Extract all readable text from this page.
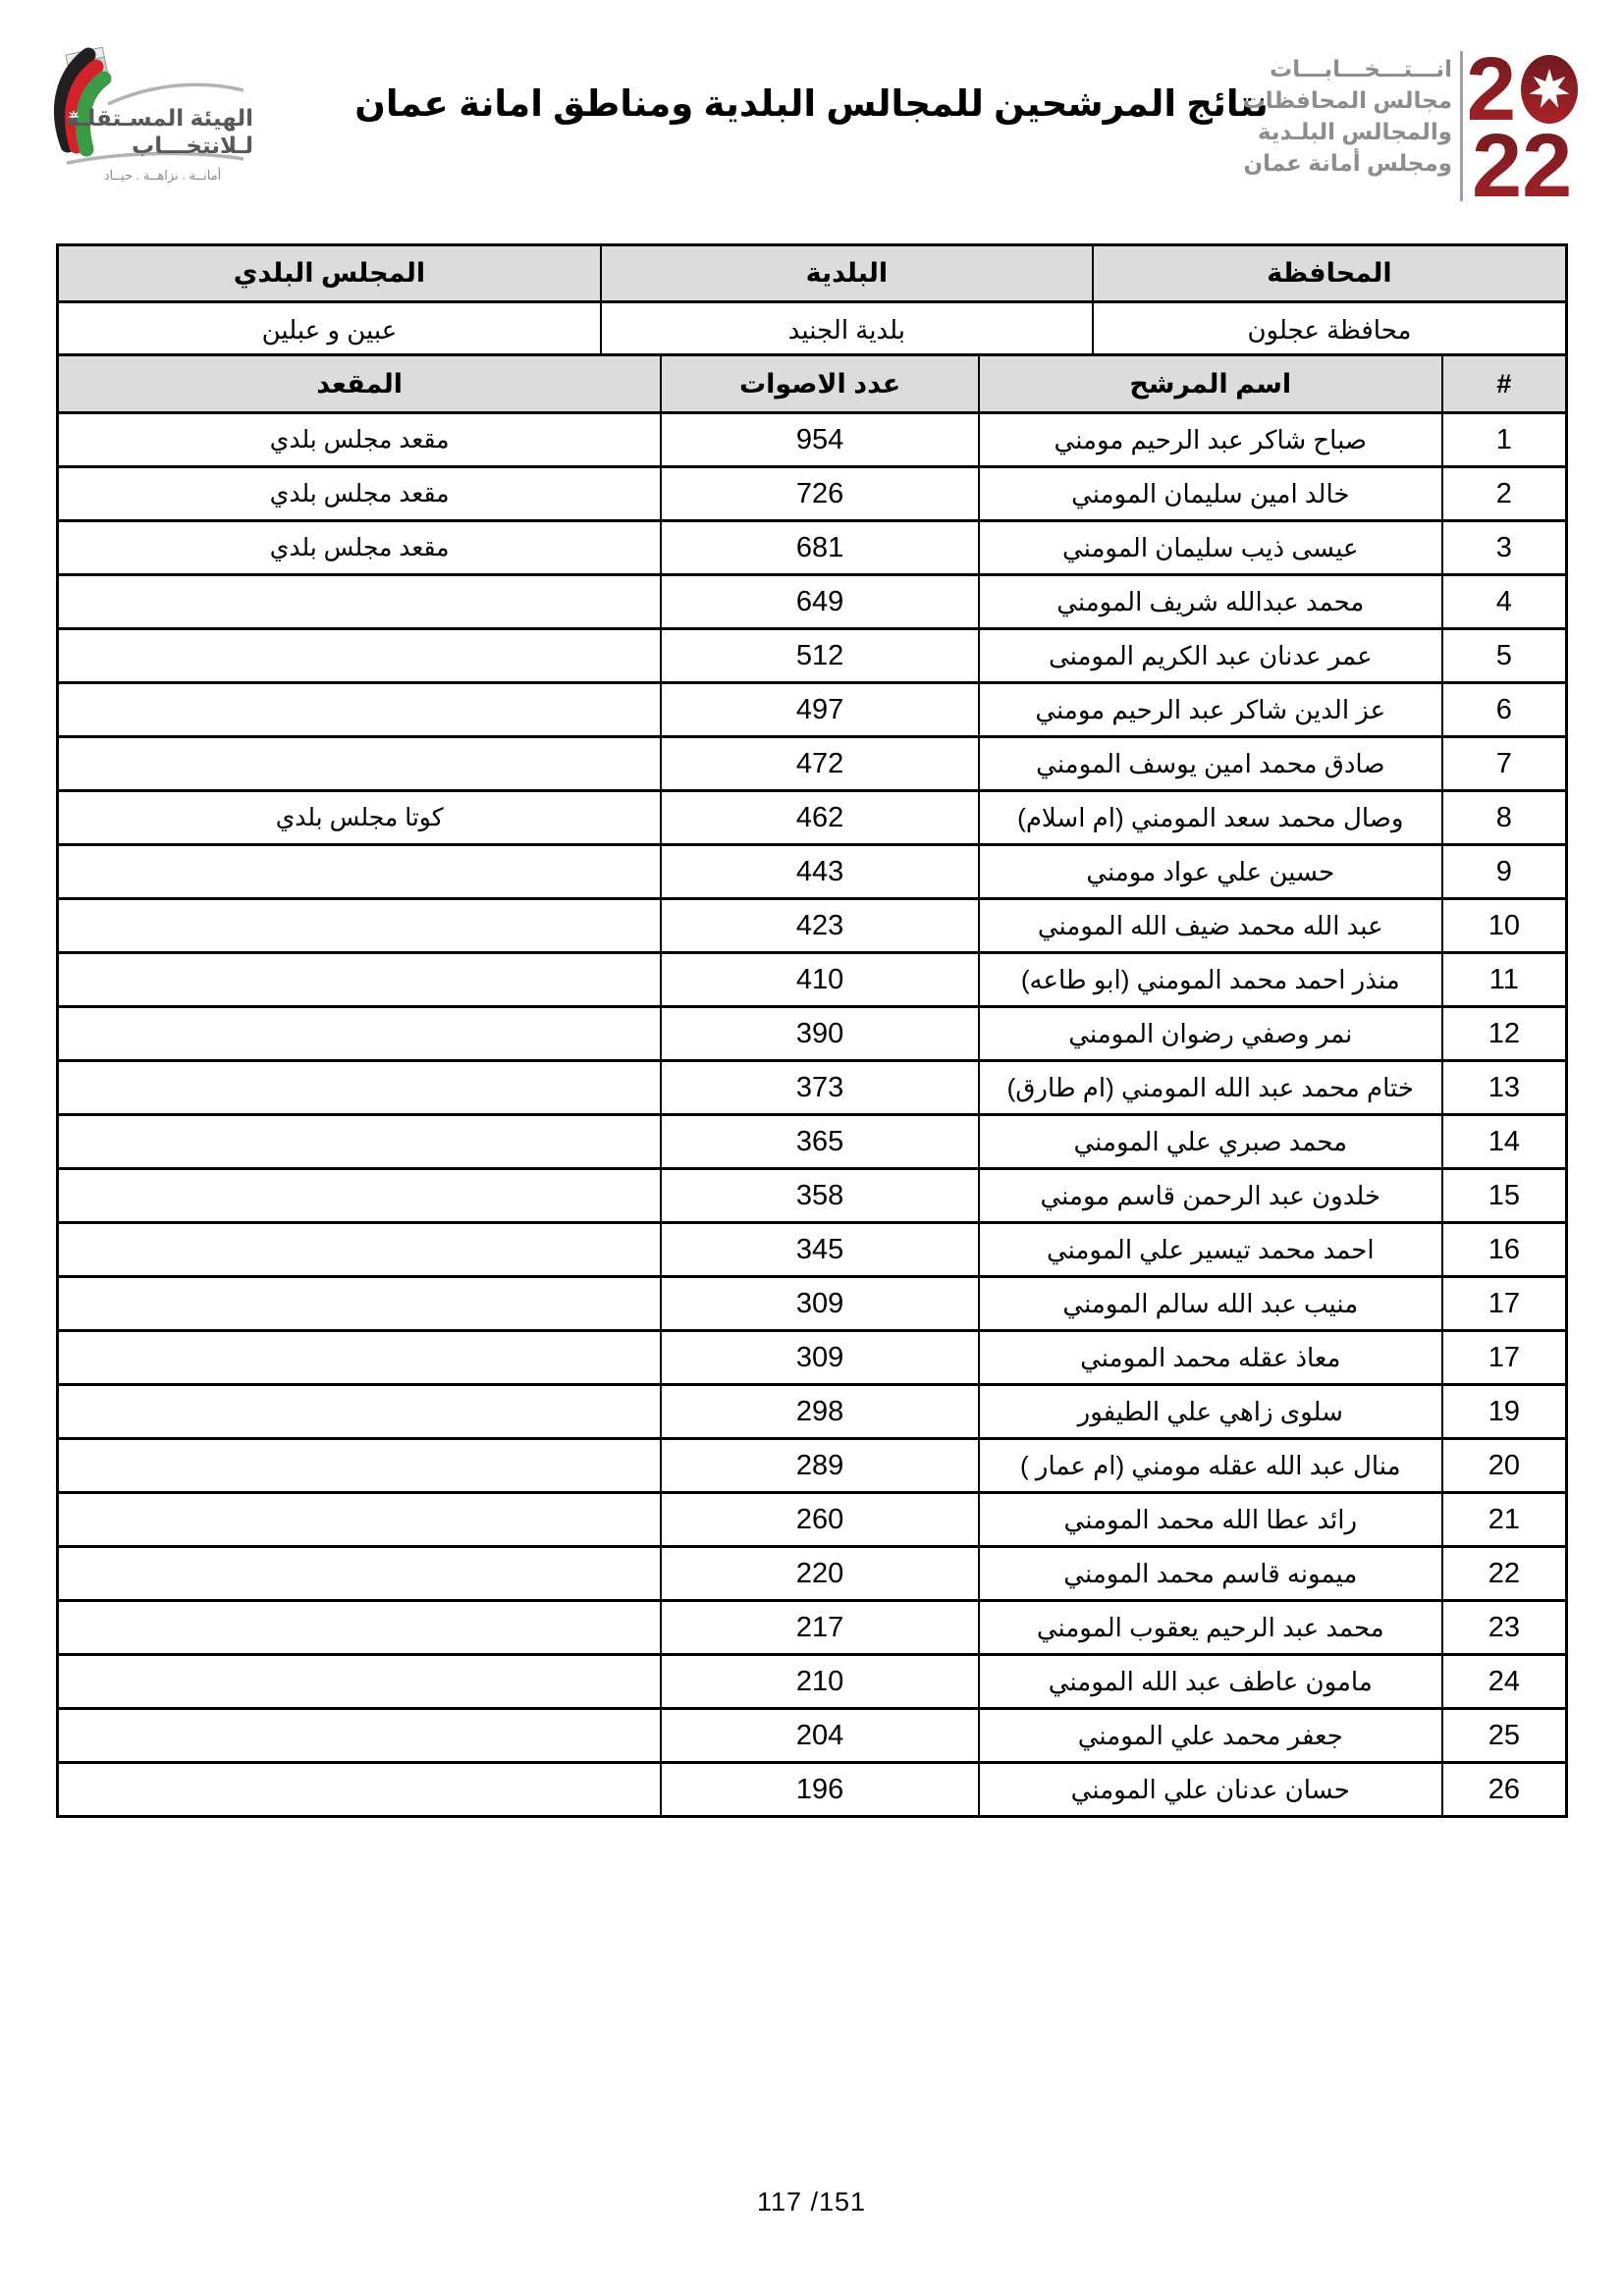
الهيئة المسـتقلـة
لـلانتخـــاب
أمانــة . نزاهــة . حيــاد
نتائج المرشحين للمجالس البلدية ومناطق امانة عمان
انـــتـــخـــابـــات
مجالس المحافظات
والمجالس البلـدية
ومجلس أمانة عمان
2
22
المحافظة	البلدية	المجلس البلدي
محافظة عجلون	بلدية الجنيد	عبين و عبلين
#	اسم المرشح	عدد الاصوات	المقعد
1	صباح شاكر عبد الرحيم مومني	954	مقعد مجلس بلدي
2	خالد امين سليمان المومني	726	مقعد مجلس بلدي
3	عيسى ذيب سليمان المومني	681	مقعد مجلس بلدي
4	محمد عبدالله شريف المومني	649	
5	عمر عدنان عبد الكريم المومنى	512	
6	عز الدين شاكر عبد الرحيم مومني	497	
7	صادق محمد امين يوسف المومني	472	
8	وصال محمد سعد المومني (ام اسلام)	462	كوتا مجلس بلدي
9	حسين علي عواد مومني	443	
10	عبد الله محمد ضيف الله المومني	423	
11	منذر احمد محمد المومني (ابو طاعه)	410	
12	نمر وصفي رضوان المومني	390	
13	ختام محمد عبد الله المومني (ام طارق)	373	
14	محمد صبري علي المومني	365	
15	خلدون عبد الرحمن قاسم مومني	358	
16	احمد محمد تيسير علي المومني	345	
17	منيب عبد الله سالم المومني	309	
17	معاذ عقله محمد المومني	309	
19	سلوى زاهي علي الطيفور	298	
20	منال عبد الله عقله مومني (ام عمار )	289	
21	رائد عطا الله محمد المومني	260	
22	ميمونه قاسم محمد المومني	220	
23	محمد عبد الرحيم يعقوب المومني	217	
24	مامون عاطف عبد الله المومني	210	
25	جعفر محمد علي المومني	204	
26	حسان عدنان علي المومني	196	
117 /151
